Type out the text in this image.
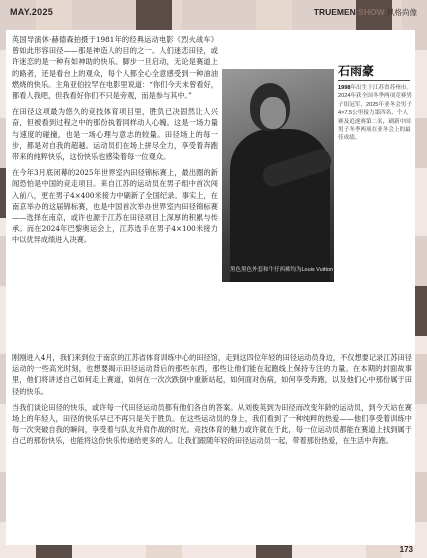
MAY.2025	TRUEMEN SHOW 风格尚像

英国导演休·赫德森拍摄于1981年的经典运动电影《烈火战车》曾如此形容田径——那是神造人的目的之一。人们迷恋田径，或许迷恋的是一种有如神助的快乐。脚步一旦启动，无论是赛道上的路者，还是看台上的观众，每个人都全心全意感受到一种油油燃烧的快乐。主角亚伯拉罕在电影里说道：“你们今天未曾看好，都看人我吧，但我看好你们不只是旁观，而是参与其中。”

在田径这项最为悠久的竞技体育项目里，胜负已决固然让人兴奋，但被看到过程之中的那份执着同样动人心魄。这是一场力量与速度的碰撞，也是一场心理与意志的较量。田径场上的每一步，都是对自我的超越。运动员们在场上拼尽全力，享受着奔跑带来的纯粹快乐，这份快乐也感染着每一位观众。

在今年3月底闭幕的2025年世界室内田径锦标赛上，最出圈的新闻恐怕是中国的竞走项目。来自江苏的运动员在男子组中首次闯入前八，更在男子4×400米接力中刷新了全国纪录。事实上，在南京举办的这届锦标赛，也是中国首次举办世界室内田径锦标赛——选择在南京，或许也源于江苏在田径项目上深厚的积累与传承。而在2024年巴黎奥运会上，江苏选手在男子4×100米接力中以优异成绩进入决赛。

黑色黑色外套和牛仔西裤均为Louis Vuitton
石雨豪
1998年出生于江苏省苏州市。2024年获全国冬季两项竞赛男子组冠军，2025年亚冬会男子4×7.5公里接力第四名、个人赛及追逐赛第二名，刷新中国男子冬季两项在亚冬会上的最佳成绩。

刚刚进入4月，我们来到位于南京的江苏省体育训练中心的田径馆，走到这四位年轻的田径运动员身边，不仅想要记录江苏田径运动的一些高光时刻，也想要揭示田径运动背后的那些东西，那些让他们能在起跑线上保持专注的力量。在本期的封面故事里，他们将讲述自己如何走上赛道，如何在一次次跌倒中重新站起，如何面对伤病，如何享受奔跑，以及他们心中那份属于田径的快乐。

当我们谈论田径的快乐，或许每一代田径运动员都有他们各自的答案。从刘俊英到为田径而改变年龄的运动员，到今天站在赛场上的年轻人，田径的快乐早已不再只是关于胜负。在这些运动员的身上，我们看到了一种纯粹的热爱——他们享受着训练中每一次突破自我的瞬间，享受着与队友并肩作战的时光。竞技体育的魅力或许就在于此，每一位运动员都能在赛道上找到属于自己的那份快乐，也能将这份快乐传递给更多的人。让我们跟随年轻的田径运动员一起，带着那份热爱，在生活中奔跑。

173
